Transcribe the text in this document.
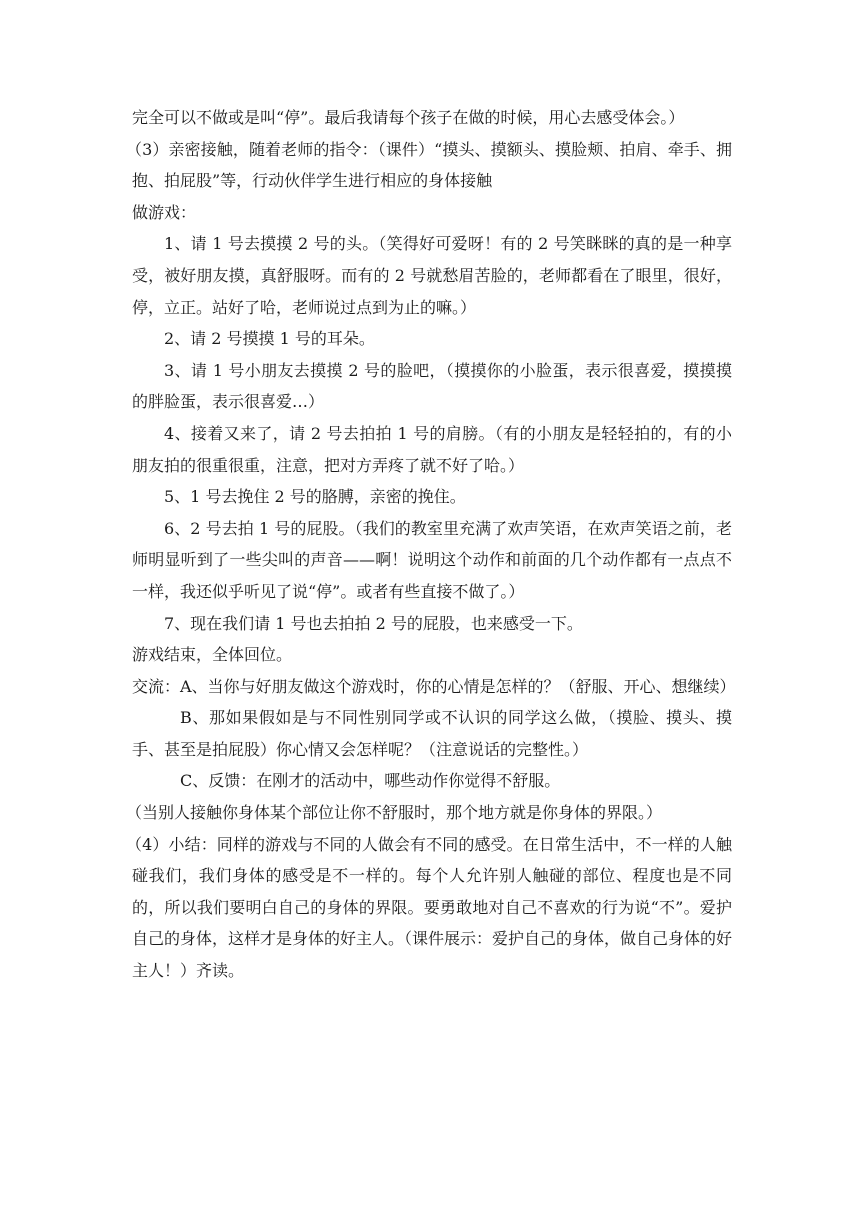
完全可以不做或是叫“停”。最后我请每个孩子在做的时候，用心去感受体会。）

（3）亲密接触，随着老师的指令：（课件）“摸头、摸额头、摸脸颊、拍肩、牵手、拥抱、拍屁股”等，行动伙伴学生进行相应的身体接触

做游戏：

1、请 1 号去摸摸 2 号的头。（笑得好可爱呀！有的 2 号笑眯眯的真的是一种享受，被好朋友摸，真舒服呀。而有的 2 号就愁眉苦脸的，老师都看在了眼里，很好，停，立正。站好了哈，老师说过点到为止的嘛。）

2、请 2 号摸摸 1 号的耳朵。

3、请 1 号小朋友去摸摸 2 号的脸吧，（摸摸你的小脸蛋，表示很喜爱，摸摸摸的胖脸蛋，表示很喜爱…）

4、接着又来了，请 2 号去拍拍 1 号的肩膀。（有的小朋友是轻轻拍的，有的小朋友拍的很重很重，注意，把对方弄疼了就不好了哈。）

5、1 号去挽住 2 号的胳膊，亲密的挽住。

6、2 号去拍 1 号的屁股。（我们的教室里充满了欢声笑语，在欢声笑语之前，老师明显听到了一些尖叫的声音——啊！说明这个动作和前面的几个动作都有一点点不一样，我还似乎听见了说“停”。或者有些直接不做了。）

7、现在我们请 1 号也去拍拍 2 号的屁股，也来感受一下。

游戏结束，全体回位。

交流：A、当你与好朋友做这个游戏时，你的心情是怎样的？（舒服、开心、想继续）

B、那如果假如是与不同性别同学或不认识的同学这么做，（摸脸、摸头、摸手、甚至是拍屁股）你心情又会怎样呢？（注意说话的完整性。）

C、反馈：在刚才的活动中，哪些动作你觉得不舒服。

（当别人接触你身体某个部位让你不舒服时，那个地方就是你身体的界限。）

（4）小结：同样的游戏与不同的人做会有不同的感受。在日常生活中，不一样的人触碰我们，我们身体的感受是不一样的。每个人允许别人触碰的部位、程度也是不同的，所以我们要明白自己的身体的界限。要勇敢地对自己不喜欢的行为说“不”。爱护自己的身体，这样才是身体的好主人。（课件展示：爱护自己的身体，做自己身体的好主人！）齐读。
